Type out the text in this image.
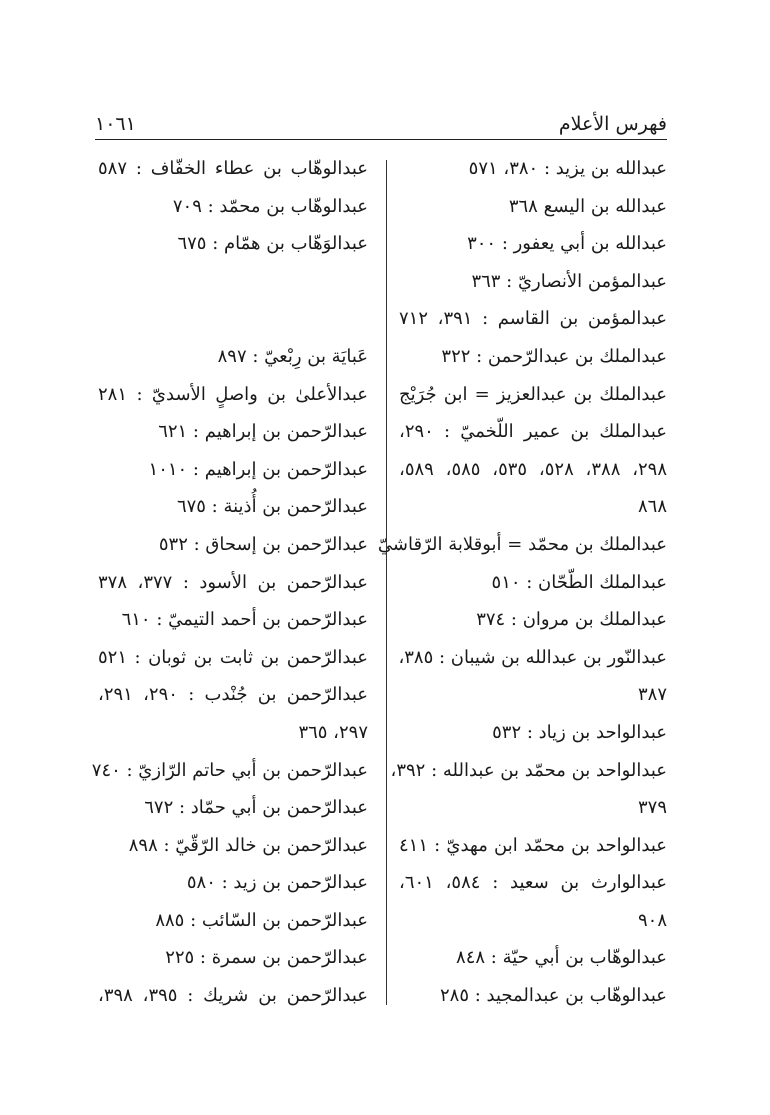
فهرس الأعلام
١٠٦١
عبدالله بن يزيد : ٣٨٠، ٥٧١
عبدالله بن اليسع ٣٦٨
عبدالله بن أبي يعفور : ٣٠٠
عبدالمؤمن الأنصاريّ : ٣٦٣
عبدالمؤمن بن القاسم : ٣٩١، ٧١٢
عبدالملك بن عبدالرّحمن : ٣٢٢
عبدالملك بن عبدالعزيز = ابن جُرَيْج
عبدالملك بن عمير اللّخميّ : ٢٩٠،
٢٩٨، ٣٨٨، ٥٢٨، ٥٣٥، ٥٨٥، ٥٨٩،
٨٦٨
عبدالملك بن محمّد = أبوقلابة الرّقاشيّ
عبدالملك الطّحّان : ٥١٠
عبدالملك بن مروان : ٣٧٤
عبدالنّور بن عبدالله بن شيبان : ٣٨٥،
٣٨٧
عبدالواحد بن زياد : ٥٣٢
عبدالواحد بن محمّد بن عبدالله : ٣٩٢،
٣٧٩
عبدالواحد بن محمّد ابن مهديّ : ٤١١
عبدالوارث بن سعيد : ٥٨٤، ٦٠١،
٩٠٨
عبدالوهّاب بن أبي حيّة : ٨٤٨
عبدالوهّاب بن عبدالمجيد : ٢٨٥
عبدالوهّاب بن عطاء الخفّاف : ٥٨٧
عبدالوهّاب بن محمّد : ٧٠٩
عبدالوَهّاب بن همّام : ٦٧٥
عَبايَة بن رِبْعيّ : ٨٩٧
عبدالأعلىٰ بن واصلٍ الأسديّ : ٢٨١
عبدالرّحمن بن إبراهيم : ٦٢١
عبدالرّحمن بن إبراهيم : ١٠١٠
عبدالرّحمن بن أُذينة : ٦٧٥
عبدالرّحمن بن إسحاق : ٥٣٢
عبدالرّحمن بن الأسود : ٣٧٧، ٣٧٨
عبدالرّحمن بن أحمد التيميّ : ٦١٠
عبدالرّحمن بن ثابت بن ثوبان : ٥٢١
عبدالرّحمن بن جُنْدب : ٢٩٠، ٢٩١،
٢٩٧، ٣٦٥
عبدالرّحمن بن أبي حاتم الرّازيّ : ٧٤٠
عبدالرّحمن بن أبي حمّاد : ٦٧٢
عبدالرّحمن بن خالد الرّقّيّ : ٨٩٨
عبدالرّحمن بن زيد : ٥٨٠
عبدالرّحمن بن السّائب : ٨٨٥
عبدالرّحمن بن سمرة : ٢٢٥
عبدالرّحمن بن شريك : ٣٩٥، ٣٩٨،
